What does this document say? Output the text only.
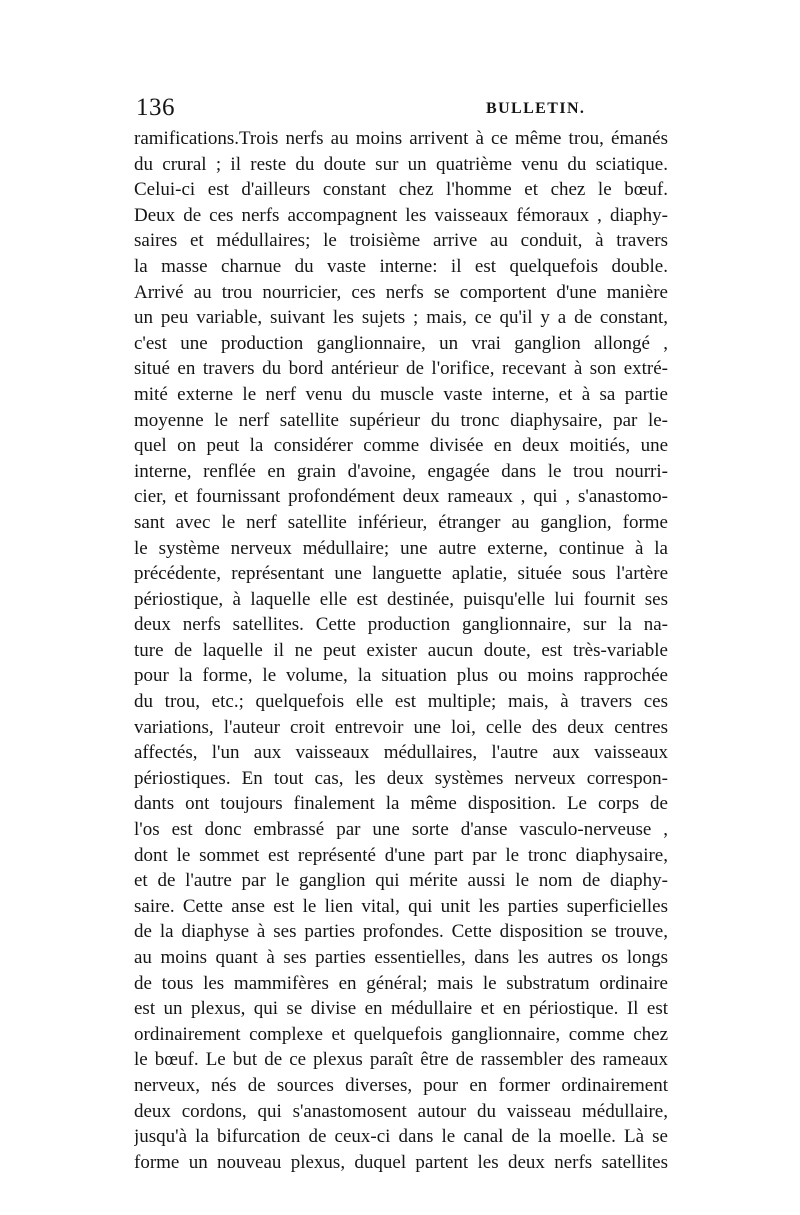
136	BULLETIN.
ramifications.Trois nerfs au moins arrivent à ce même trou, émanés
du crural ; il reste du doute sur un quatrième venu du sciatique.
Celui-ci est d'ailleurs constant chez l'homme et chez le bœuf.
Deux de ces nerfs accompagnent les vaisseaux fémoraux , diaphy-
saires et médullaires; le troisième arrive au conduit, à travers
la masse charnue du vaste interne: il est quelquefois double.
Arrivé au trou nourricier, ces nerfs se comportent d'une manière
un peu variable, suivant les sujets ; mais, ce qu'il y a de constant,
c'est une production ganglionnaire, un vrai ganglion allongé ,
situé en travers du bord antérieur de l'orifice, recevant à son extré-
mité externe le nerf venu du muscle vaste interne, et à sa partie
moyenne le nerf satellite supérieur du tronc diaphysaire, par le-
quel on peut la considérer comme divisée en deux moitiés, une
interne, renflée en grain d'avoine, engagée dans le trou nourri-
cier, et fournissant profondément deux rameaux , qui , s'anastomo-
sant avec le nerf satellite inférieur, étranger au ganglion, forme
le système nerveux médullaire; une autre externe, continue à la
précédente, représentant une languette aplatie, située sous l'artère
périostique, à laquelle elle est destinée, puisqu'elle lui fournit ses
deux nerfs satellites. Cette production ganglionnaire, sur la na-
ture de laquelle il ne peut exister aucun doute, est très-variable
pour la forme, le volume, la situation plus ou moins rapprochée
du trou, etc.; quelquefois elle est multiple; mais, à travers ces
variations, l'auteur croit entrevoir une loi, celle des deux centres
affectés, l'un aux vaisseaux médullaires, l'autre aux vaisseaux
périostiques. En tout cas, les deux systèmes nerveux correspon-
dants ont toujours finalement la même disposition. Le corps de
l'os est donc embrassé par une sorte d'anse vasculo-nerveuse ,
dont le sommet est représenté d'une part par le tronc diaphysaire,
et de l'autre par le ganglion qui mérite aussi le nom de diaphy-
saire. Cette anse est le lien vital, qui unit les parties superficielles
de la diaphyse à ses parties profondes. Cette disposition se trouve,
au moins quant à ses parties essentielles, dans les autres os longs
de tous les mammifères en général; mais le substratum ordinaire
est un plexus, qui se divise en médullaire et en périostique. Il est
ordinairement complexe et quelquefois ganglionnaire, comme chez
le bœuf. Le but de ce plexus paraît être de rassembler des rameaux
nerveux, nés de sources diverses, pour en former ordinairement
deux cordons, qui s'anastomosent autour du vaisseau médullaire,
jusqu'à la bifurcation de ceux-ci dans le canal de la moelle. Là se
forme un nouveau plexus, duquel partent les deux nerfs satellites
